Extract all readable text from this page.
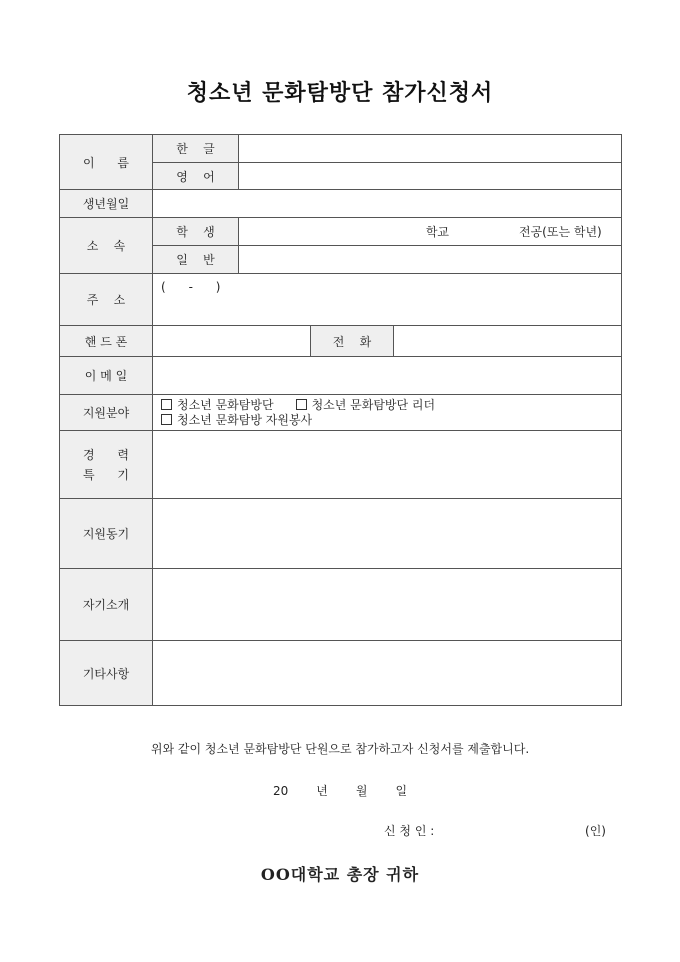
청소년 문화탐방단 참가신청서
이      름	한    글			
	영    어			
생년월일				
소    속	학    생	학교 전공(또는 학년)		
	일    반			
주    소	(      -      )			
핸 드 폰			전    화	
이 메 일				
지원분야	청소년 문화탐방단 청소년 문화탐방단 리더
청소년 문화탐방 자원봉사			

경      력
특      기				

지원동기				
자기소개				
기타사항				
위와 같이 청소년 문화탐방단 단원으로 참가하고자 신청서를 제출합니다.
20 년 월 일
신 청 인 :	(인)
OO대학교 총장 귀하
